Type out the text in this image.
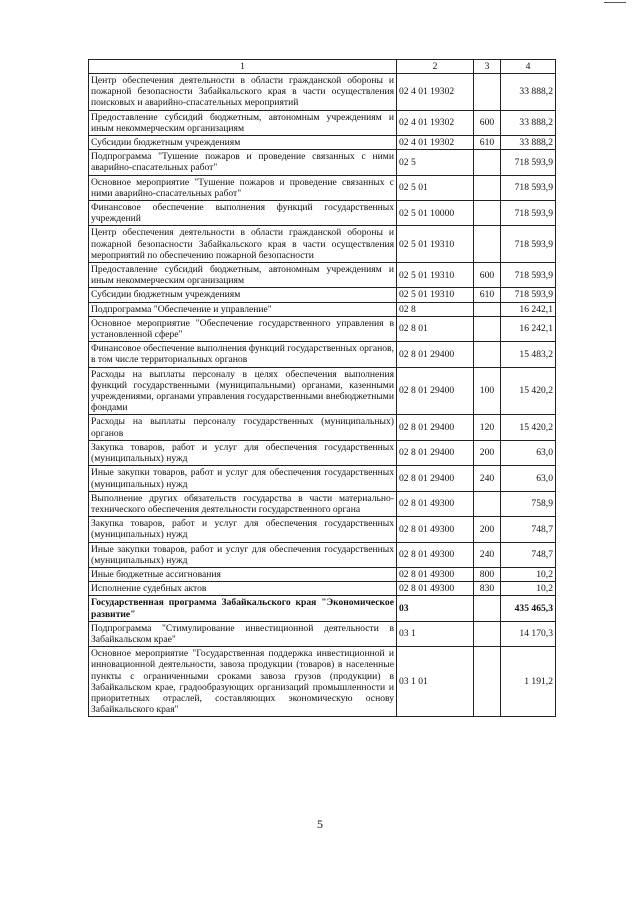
1	2	3	4
Центр обеспечения деятельности в области гражданской обороны и пожарной безопасности Забайкальского края в части осуществления поисковых и аварийно-спасательных мероприятий	02 4 01 19302		33 888,2
Предоставление субсидий бюджетным, автономным учреждениям и иным некоммерческим организациям	02 4 01 19302	600	33 888,2
Субсидии бюджетным учреждениям	02 4 01 19302	610	33 888,2
Подпрограмма "Тушение пожаров и проведение связанных с ними аварийно-спасательных работ"	02 5		718 593,9
Основное мероприятие "Тушение пожаров и проведение связанных с ними аварийно-спасательных работ"	02 5 01		718 593,9
Финансовое обеспечение выполнения функций государственных учреждений	02 5 01 10000		718 593,9
Центр обеспечения деятельности в области гражданской обороны и пожарной безопасности Забайкальского края в части осуществления мероприятий по обеспечению пожарной безопасности	02 5 01 19310		718 593,9
Предоставление субсидий бюджетным, автономным учреждениям и иным некоммерческим организациям	02 5 01 19310	600	718 593,9
Субсидии бюджетным учреждениям	02 5 01 19310	610	718 593,9
Подпрограмма "Обеспечение и управление"	02 8		16 242,1
Основное мероприятие "Обеспечение государственного управления в установленной сфере"	02 8 01		16 242,1
Финансовое обеспечение выполнения функций государственных органов, в том числе территориальных органов	02 8 01 29400		15 483,2
Расходы на выплаты персоналу в целях обеспечения выполнения функций государственными (муниципальными) органами, казенными учреждениями, органами управления государственными внебюджетными фондами	02 8 01 29400	100	15 420,2
Расходы на выплаты персоналу государственных (муниципальных) органов	02 8 01 29400	120	15 420,2
Закупка товаров, работ и услуг для обеспечения государственных (муниципальных) нужд	02 8 01 29400	200	63,0
Иные закупки товаров, работ и услуг для обеспечения государственных (муниципальных) нужд	02 8 01 29400	240	63,0
Выполнение других обязательств государства в части материально-технического обеспечения деятельности государственного органа	02 8 01 49300		758,9
Закупка товаров, работ и услуг для обеспечения государственных (муниципальных) нужд	02 8 01 49300	200	748,7
Иные закупки товаров, работ и услуг для обеспечения государственных (муниципальных) нужд	02 8 01 49300	240	748,7
Иные бюджетные ассигнования	02 8 01 49300	800	10,2
Исполнение судебных актов	02 8 01 49300	830	10,2
Государственная программа Забайкальского края "Экономическое развитие"	03		435 465,3
Подпрограмма "Стимулирование инвестиционной деятельности в Забайкальском крае"	03 1		14 170,3
Основное мероприятие "Государственная поддержка инвестиционной и инновационной деятельности, завоза продукции (товаров) в населенные пункты с ограниченными сроками завоза грузов (продукции) в Забайкальском крае, градообразующих организаций промышленности и приоритетных отраслей, составляющих экономическую основу Забайкальского края"	03 1 01		1 191,2
5
